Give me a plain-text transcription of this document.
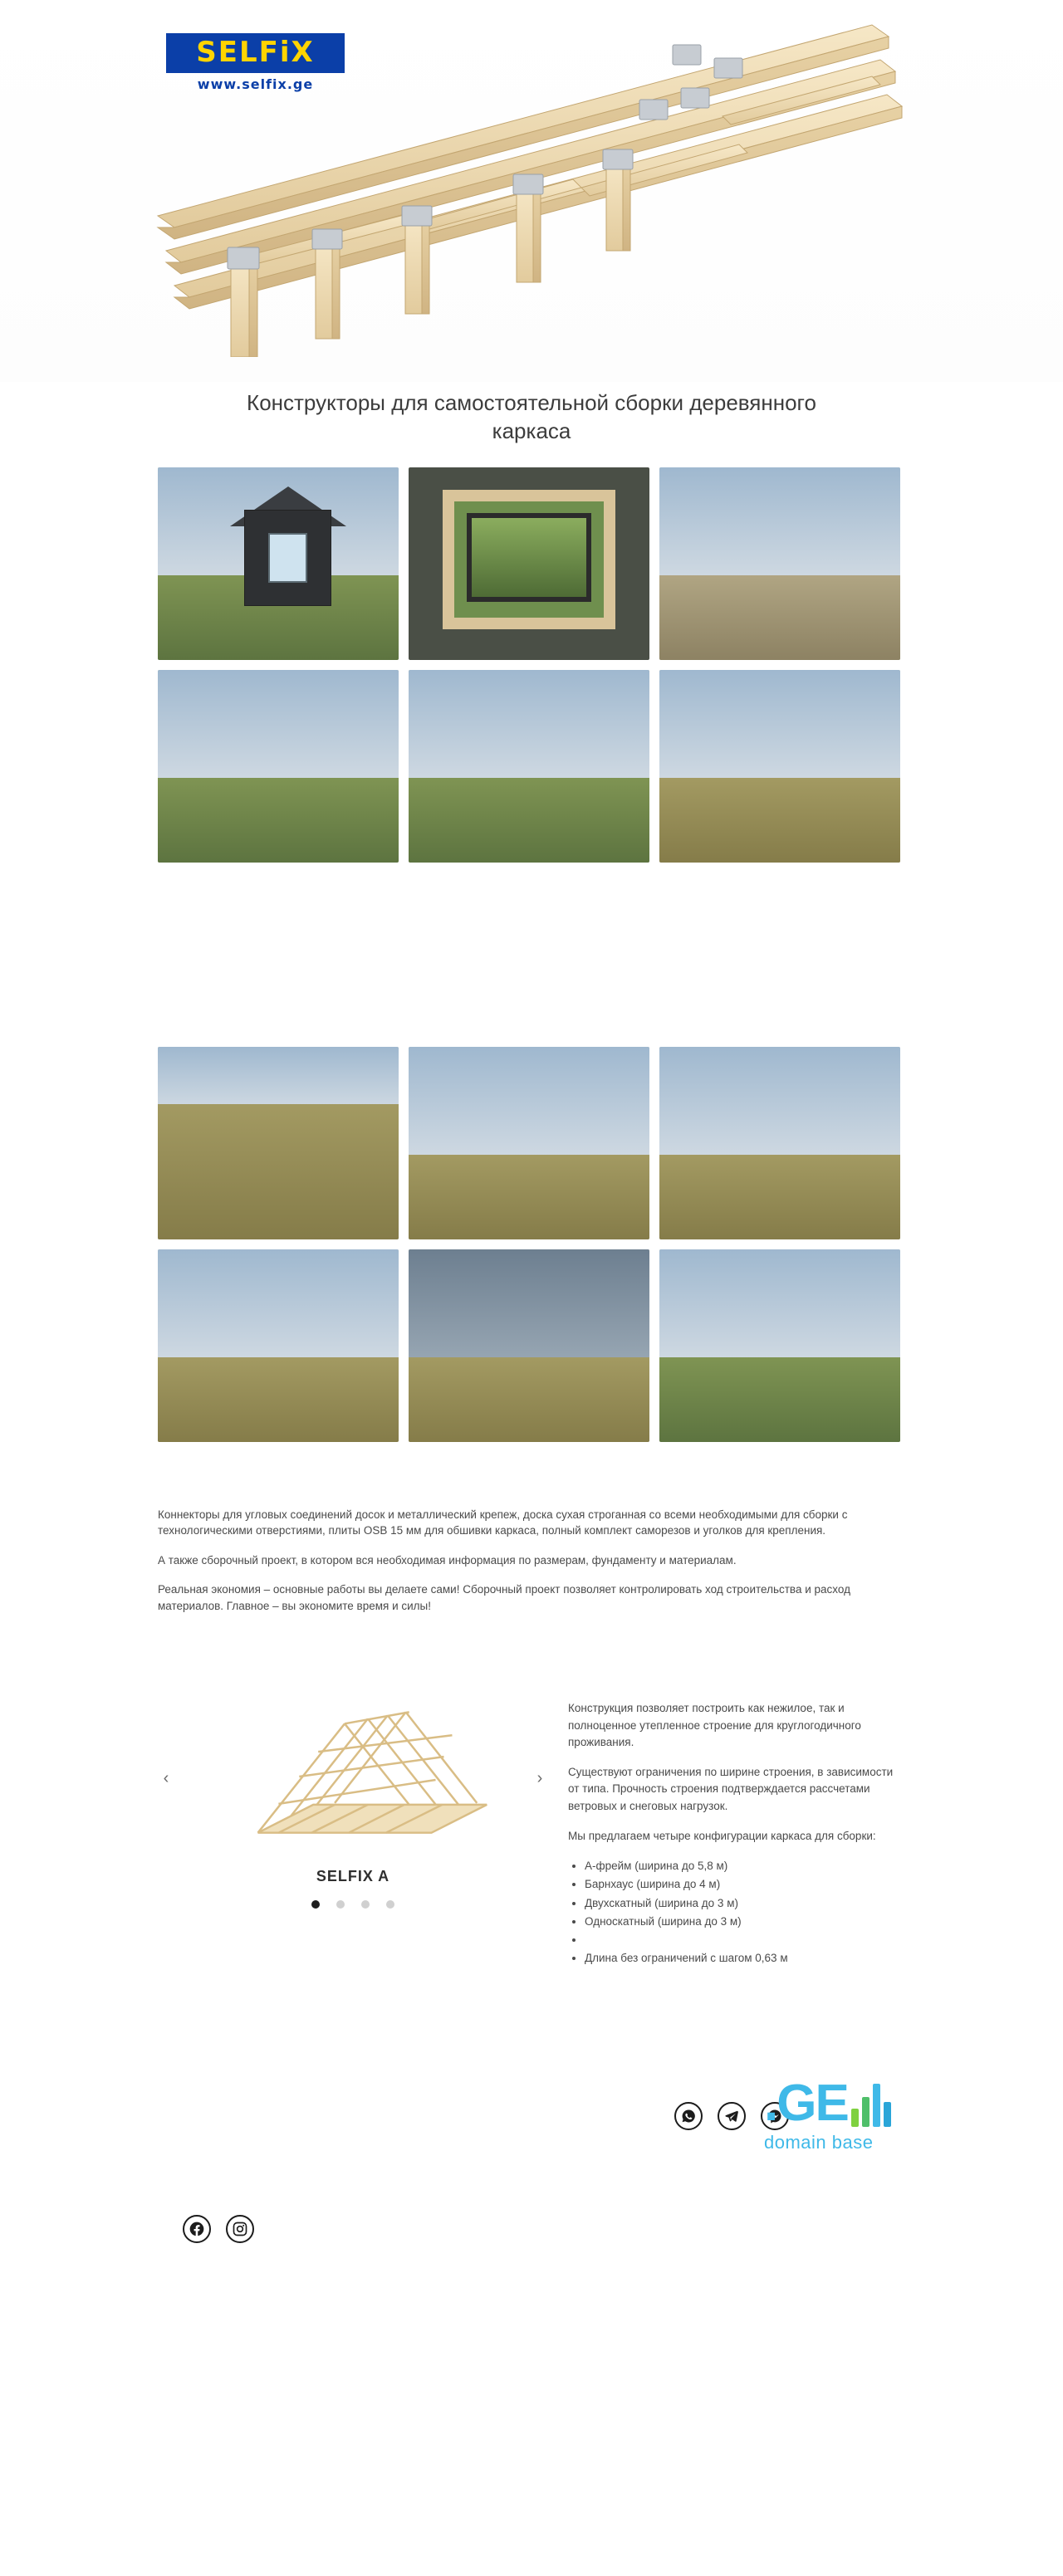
SELFiX
www.selfix.ge
Конструкторы для самостоятельной сборки деревянного каркаса

Коннекторы для угловых соединений досок и металлический крепеж, доска сухая строганная со всеми необходимыми для сборки с технологическими отверстиями, плиты OSB 15 мм для обшивки каркаса, полный комплект саморезов и уголков для крепления.

А также сборочный проект, в котором вся необходимая информация по размерам, фундаменту и материалам.

Реальная экономия – основные работы вы делаете сами! Сборочный проект позволяет контролировать ход строительства и расход материалов. Главное – вы экономите время и силы!

‹	›
SELFIX A

Конструкция позволяет построить как нежилое, так и полноценное утепленное строение для круглогодичного проживания.

Существуют ограничения по ширине строения, в зависимости от типа. Прочность строения подтверждается рассчетами ветровых и снеговых нагрузок.

Мы предлагаем четыре конфигурации каркаса для сборки:

• А-фрейм (ширина до 5,8 м)
• Барнхаус (ширина до 4 м)
• Двухскатный (ширина до 3 м)
• Односкатный (ширина до 3 м)
•
• Длина без ограничений с шагом 0,63 м
. GE
domain base
